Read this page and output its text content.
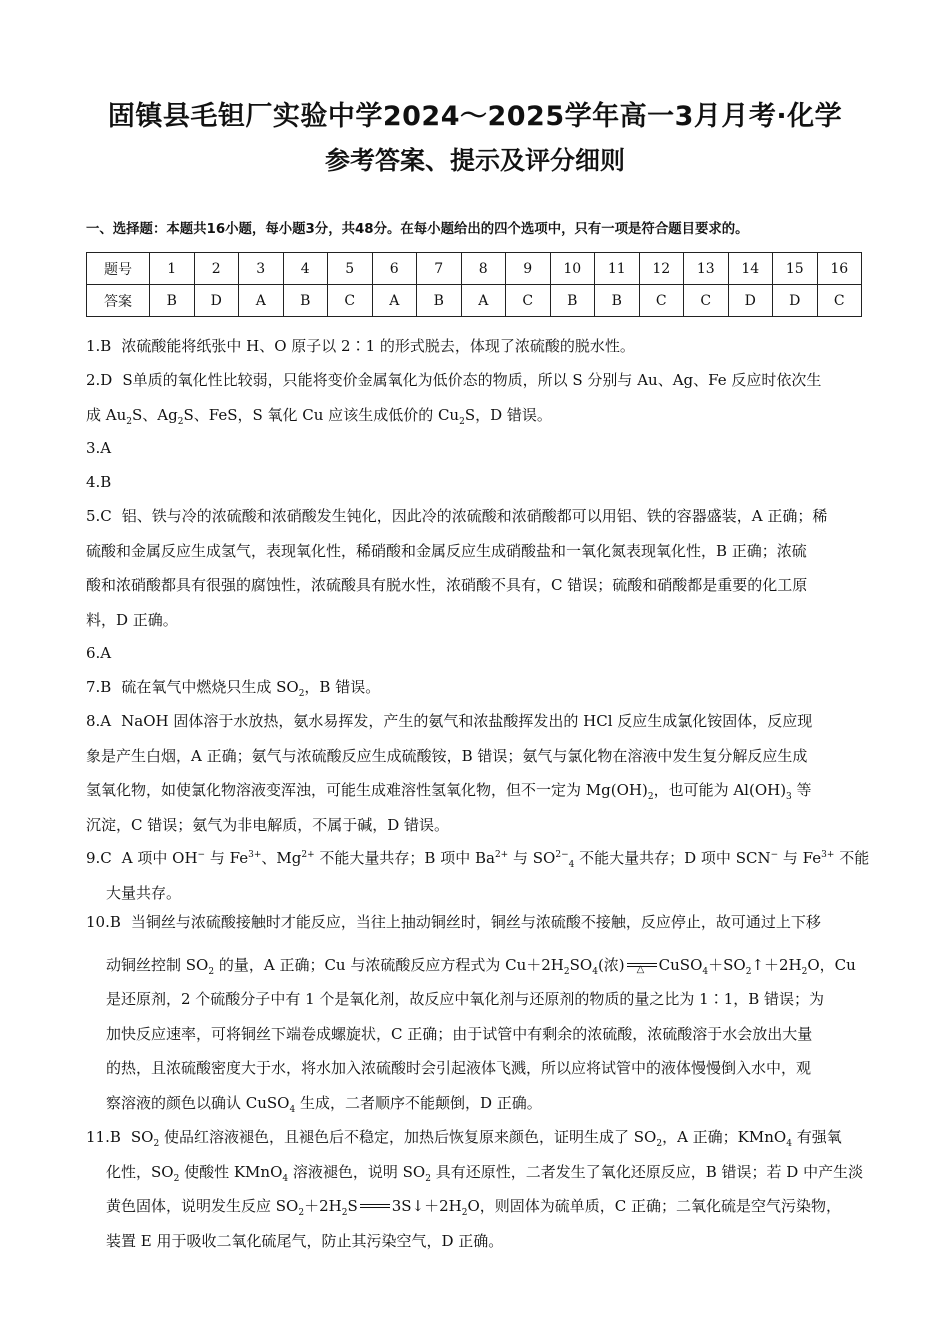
固镇县毛钽厂实验中学2024～2025学年高一3月月考·化学
参考答案、提示及评分细则
一、选择题：本题共16小题，每小题3分，共48分。在每小题给出的四个选项中，只有一项是符合题目要求的。
题号	1	2	3	4	5	6	7	8	9	10	11	12	13	14	15	16
答案	B	D	A	B	C	A	B	A	C	B	B	C	C	D	D	C
1.B 浓硫酸能将纸张中 H、O 原子以 2∶1 的形式脱去，体现了浓硫酸的脱水性。
2.D S单质的氧化性比较弱，只能将变价金属氧化为低价态的物质，所以 S 分别与 Au、Ag、Fe 反应时依次生
成 $Au_2S$、$Ag_2S$、FeS，S 氧化 Cu 应该生成低价的 $Cu_2S$，D 错误。
3.A
4.B
5.C 铝、铁与冷的浓硫酸和浓硝酸发生钝化，因此冷的浓硫酸和浓硝酸都可以用铝、铁的容器盛装，A 正确；稀
硫酸和金属反应生成氢气，表现氧化性，稀硝酸和金属反应生成硝酸盐和一氧化氮表现氧化性，B 正确；浓硫
酸和浓硝酸都具有很强的腐蚀性，浓硫酸具有脱水性，浓硝酸不具有，C 错误；硫酸和硝酸都是重要的化工原
料，D 正确。
6.A
7.B 硫在氧气中燃烧只生成 $SO_2$，B 错误。
8.A NaOH 固体溶于水放热，氨水易挥发，产生的氨气和浓盐酸挥发出的 HCl 反应生成氯化铵固体，反应现
象是产生白烟，A 正确；氨气与浓硫酸反应生成硫酸铵，B 错误；氨气与氯化物在溶液中发生复分解反应生成
氢氧化物，如使氯化物溶液变浑浊，可能生成难溶性氢氧化物，但不一定为 $Mg(OH)_2$，也可能为 $Al(OH)_3$ 等
沉淀，C 错误；氨气为非电解质，不属于碱，D 错误。
9.C A 项中 OH− 与 $Fe^{3+}$、$Mg^{2+}$ 不能大量共存；B 项中 $Ba^{2+}$ 与 $SO^{2-}_4$ 不能大量共存；D 项中 SCN− 与 $Fe^{3+}$ 不能

大量共存。
10.B 当铜丝与浓硫酸接触时才能反应，当往上抽动铜丝时，铜丝与浓硫酸不接触，反应停止，故可通过上下移
动铜丝控制 $SO_2$ 的量，A 正确；Cu 与浓硫酸反应方程式为 $Cu+2H_2SO_4$(浓) △ $CuSO_4+SO_2↑+2H_2O$，Cu
是还原剂，2 个硫酸分子中有 1 个是氧化剂，故反应中氧化剂与还原剂的物质的量之比为 1∶1，B 错误；为
加快反应速率，可将铜丝下端卷成螺旋状，C 正确；由于试管中有剩余的浓硫酸，浓硫酸溶于水会放出大量
的热，且浓硫酸密度大于水，将水加入浓硫酸时会引起液体飞溅，所以应将试管中的液体慢慢倒入水中，观
察溶液的颜色以确认 CuSO$_4$ 生成，二者顺序不能颠倒，D 正确。
11.B $SO_2$ 使品红溶液褪色，且褪色后不稳定，加热后恢复原来颜色，证明生成了 $SO_2$，A 正确；KMnO$_4$ 有强氧
化性，$SO_2$ 使酸性 KMnO$_4$ 溶液褪色，说明 $SO_2$ 具有还原性，二者发生了氧化还原反应，B 错误；若 D 中产生淡
黄色固体，说明发生反应 $SO_2+2H_2S$ $3S↓+2H_2O$，则固体为硫单质，C 正确；二氧化硫是空气污染物，
装置 E 用于吸收二氧化硫尾气，防止其污染空气，D 正确。
